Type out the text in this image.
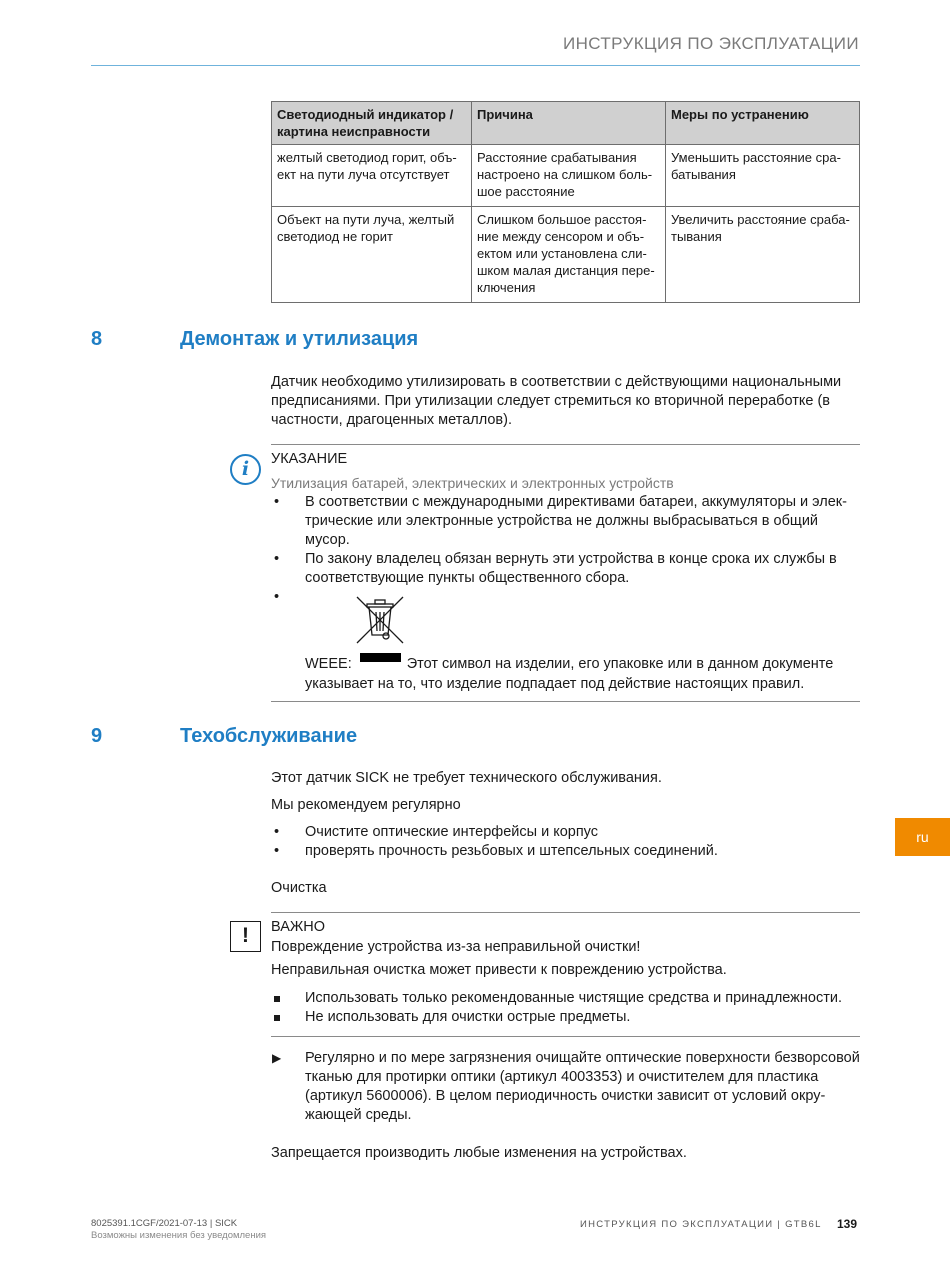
ИНСТРУКЦИЯ ПО ЭКСПЛУАТАЦИИ
Светодиодный индикатор / картина неисправности	Причина	Меры по устранению
желтый светодиод горит, объект на пути луча отсутствует	Расстояние срабатывания настроено на слишком большое расстояние	Уменьшить расстояние срабатывания
Объект на пути луча, желтый светодиод не горит	Слишком большое расстояние между сенсором и объектом или установлена слишком малая дистанция переключения	Увеличить расстояние срабатывания
8	Демонтаж и утилизация
Датчик необходимо утилизировать в соответствии с действующими национальными предписаниями. При утилизации следует стремиться ко вторичной переработке (в частности, драгоценных металлов).
i	УКАЗАНИЕ
Утилизация батарей, электрических и электронных устройств
• В соответствии с международными директивами батареи, аккумуляторы и электрические или электронные устройства не должны выбрасываться в общий мусор.
• По закону владелец обязан вернуть эти устройства в конце срока их службы в соответствующие пункты общественного сбора.
•

WEEE:	Этот символ на изделии, его упаковке или в данном документе указывает на то, что изделие подпадает под действие настоящих правил.
9	Техобслуживание
Этот датчик SICK не требует технического обслуживания.
Мы рекомендуем регулярно
• Очистите оптические интерфейсы и корпус
• проверять прочность резьбовых и штепсельных соединений.
Очистка
!	ВАЖНО
Повреждение устройства из-за неправильной очистки!
Неправильная очистка может привести к повреждению устройства.
Использовать только рекомендованные чистящие средства и принадлежности.
Не использовать для очистки острые предметы.
▶ Регулярно и по мере загрязнения очищайте оптические поверхности безворсовой тканью для протирки оптики (артикул 4003353) и очистителем для пластика (артикул 5600006). В целом периодичность очистки зависит от условий окружающей среды.
Запрещается производить любые изменения на устройствах.
ru
8025391.1CGF/2021-07-13 | SICK
Возможны изменения без уведомления
ИНСТРУКЦИЯ ПО ЭКСПЛУАТАЦИИ | GTB6L 139
